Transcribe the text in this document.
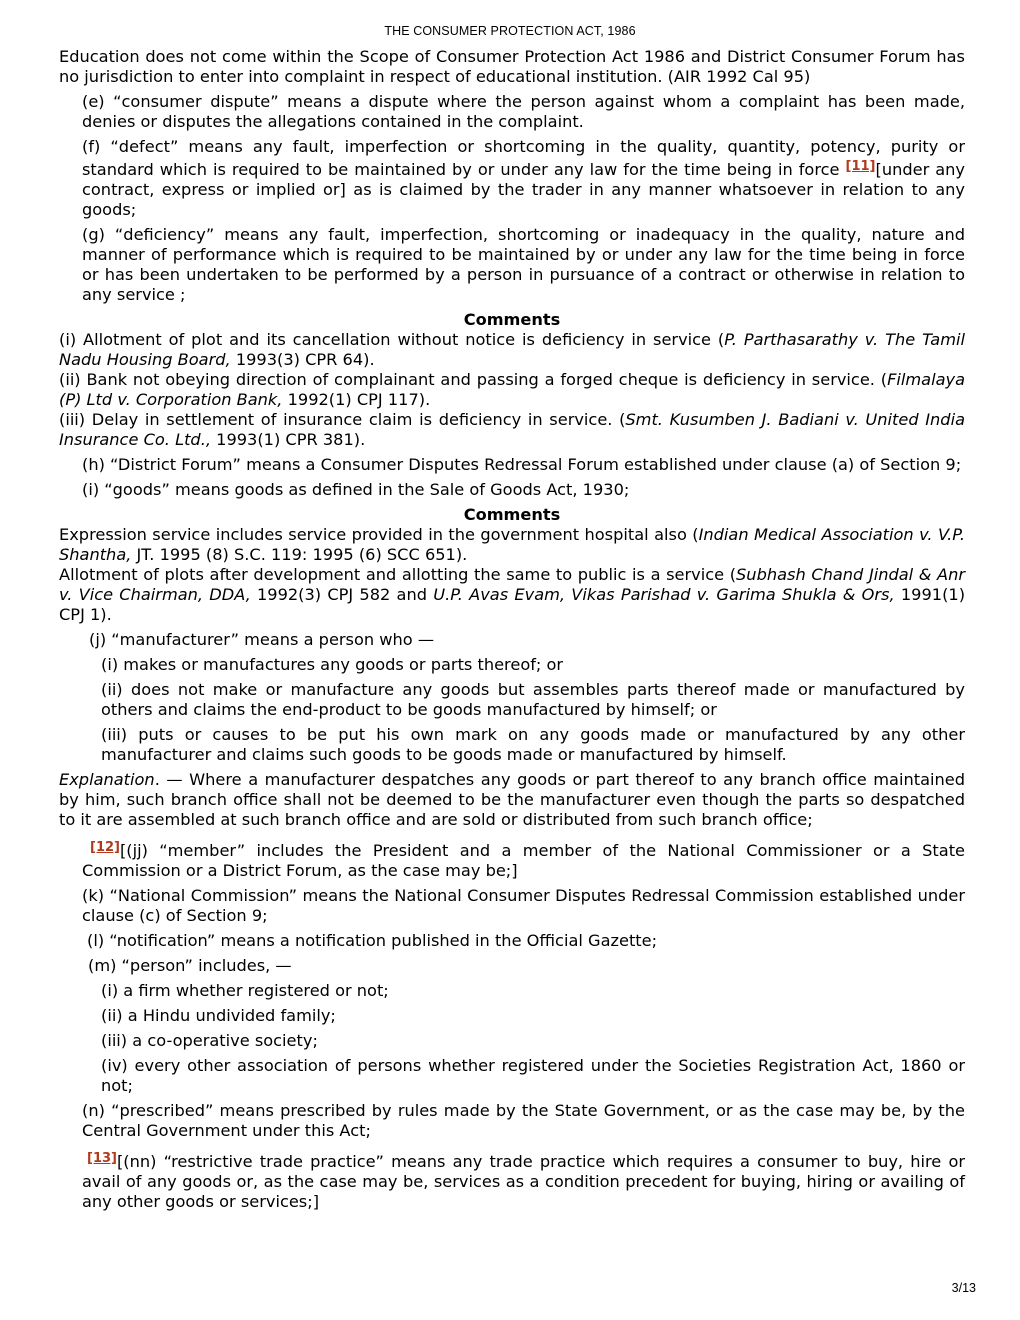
THE CONSUMER PROTECTION ACT, 1986

Education does not come within the Scope of Consumer Protection Act 1986 and District Consumer Forum has no jurisdiction to enter into complaint in respect of educational institution. (AIR 1992 Cal 95)

(e) “consumer dispute” means a dispute where the person against whom a complaint has been made, denies or disputes the allegations contained in the complaint.

(f) “defect” means any fault, imperfection or shortcoming in the quality, quantity, potency, purity or standard which is required to be maintained by or under any law for the time being in force [11][under any contract, express or implied or] as is claimed by the trader in any manner whatsoever in relation to any goods;

(g) “deficiency” means any fault, imperfection, shortcoming or inadequacy in the quality, nature and manner of performance which is required to be maintained by or under any law for the time being in force or has been undertaken to be performed by a person in pursuance of a contract or otherwise in relation to any service ;

Comments

(i) Allotment of plot and its cancellation without notice is deficiency in service (P. Parthasarathy v. The Tamil Nadu Housing Board, 1993(3) CPR 64).

(ii) Bank not obeying direction of complainant and passing a forged cheque is deficiency in service. (Filmalaya (P) Ltd v. Corporation Bank, 1992(1) CPJ 117).

(iii) Delay in settlement of insurance claim is deficiency in service. (Smt. Kusumben J. Badiani v. United India Insurance Co. Ltd., 1993(1) CPR 381).

(h) “District Forum” means a Consumer Disputes Redressal Forum established under clause (a) of Section 9;

(i) “goods” means goods as defined in the Sale of Goods Act, 1930;

Comments

Expression service includes service provided in the government hospital also (Indian Medical Association v. V.P. Shantha, JT. 1995 (8) S.C. 119: 1995 (6) SCC 651).

Allotment of plots after development and allotting the same to public is a service (Subhash Chand Jindal & Anr v. Vice Chairman, DDA, 1992(3) CPJ 582 and U.P. Avas Evam, Vikas Parishad v. Garima Shukla & Ors, 1991(1) CPJ 1).

(j) “manufacturer” means a person who —

(i) makes or manufactures any goods or parts thereof; or

(ii) does not make or manufacture any goods but assembles parts thereof made or manufactured by others and claims the end-product to be goods manufactured by himself; or

(iii) puts or causes to be put his own mark on any goods made or manufactured by any other manufacturer and claims such goods to be goods made or manufactured by himself.

Explanation. — Where a manufacturer despatches any goods or part thereof to any branch office maintained by him, such branch office shall not be deemed to be the manufacturer even though the parts so despatched to it are assembled at such branch office and are sold or distributed from such branch office;

[12][(jj) “member” includes the President and a member of the National Commissioner or a State Commission or a District Forum, as the case may be;]

(k) “National Commission” means the National Consumer Disputes Redressal Commission established under clause (c) of Section 9;

(l) “notification” means a notification published in the Official Gazette;

(m) “person” includes, —

(i) a firm whether registered or not;

(ii) a Hindu undivided family;

(iii) a co-operative society;

(iv) every other association of persons whether registered under the Societies Registration Act, 1860 or not;

(n) “prescribed” means prescribed by rules made by the State Government, or as the case may be, by the Central Government under this Act;

[13][(nn) “restrictive trade practice” means any trade practice which requires a consumer to buy, hire or avail of any goods or, as the case may be, services as a condition precedent for buying, hiring or availing of any other goods or services;]

3/13
